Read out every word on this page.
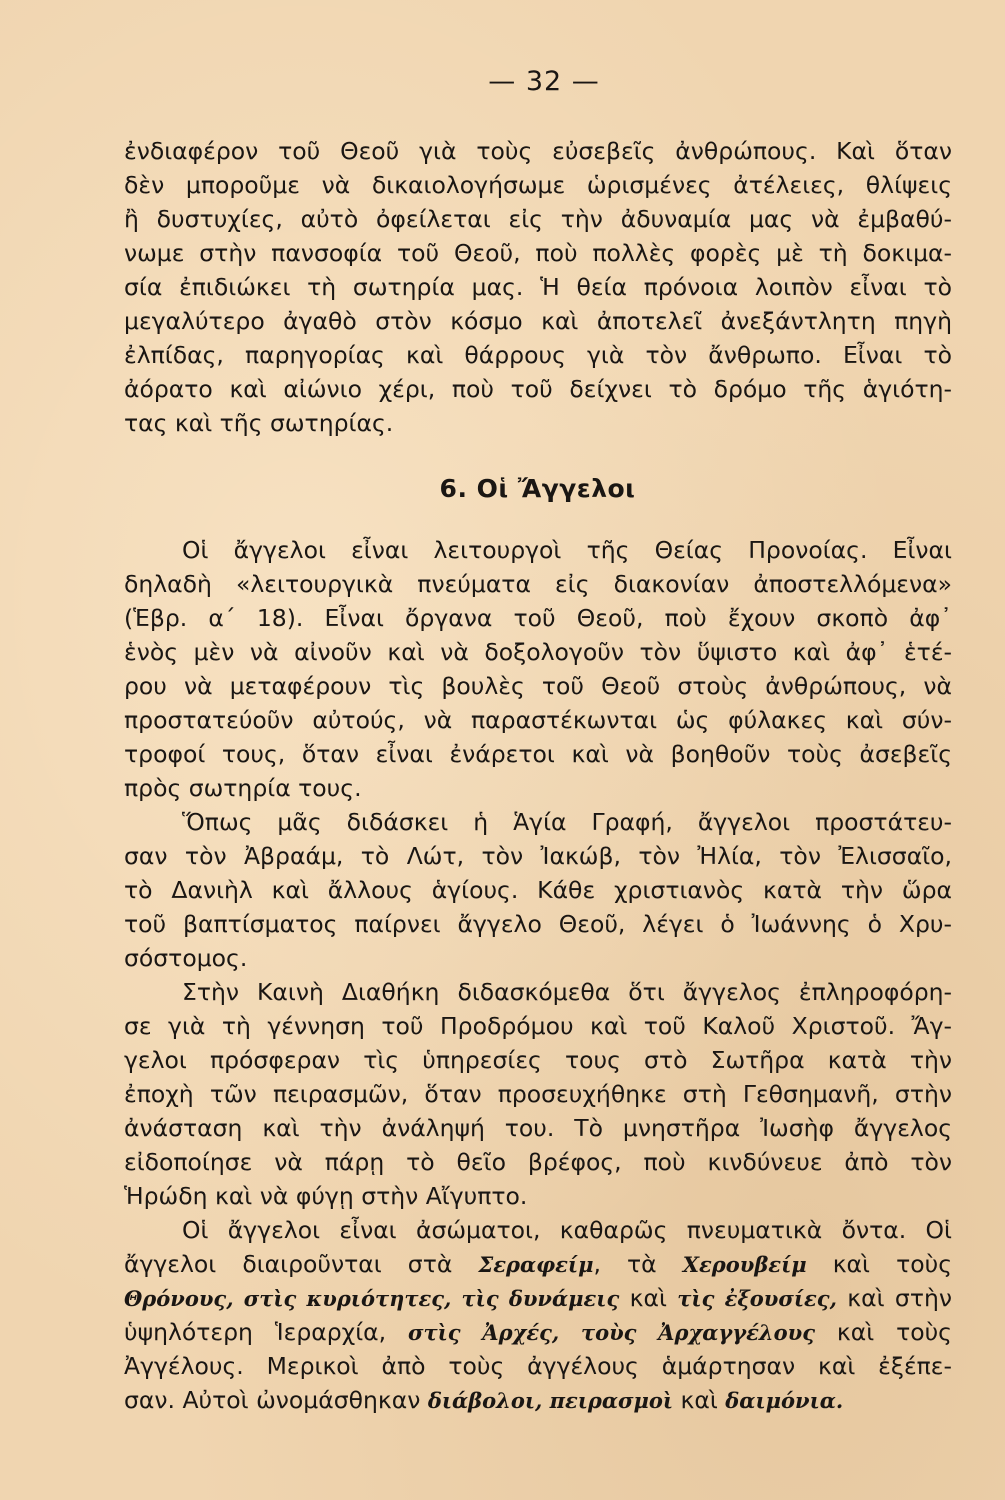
— 32 —
ἐνδιαφέρον τοῦ Θεοῦ γιὰ τοὺς εὐσεβεῖς ἀνθρώπους. Καὶ ὅταν
δὲν μποροῦμε νὰ δικαιολογήσωμε ὡρισμένες ἀτέλειες, θλίψεις
ἢ δυστυχίες, αὐτὸ ὀφείλεται εἰς τὴν ἀδυναμία μας νὰ ἐμβαθύ-
νωμε στὴν πανσοφία τοῦ Θεοῦ, ποὺ πολλὲς φορὲς μὲ τὴ δοκιμα-
σία ἐπιδιώκει τὴ σωτηρία μας. Ἡ θεία πρόνοια λοιπὸν εἶναι τὸ
μεγαλύτερο ἀγαθὸ στὸν κόσμο καὶ ἀποτελεῖ ἀνεξάντλητη πηγὴ
ἐλπίδας, παρηγορίας καὶ θάρρους γιὰ τὸν ἄνθρωπο. Εἶναι τὸ
ἀόρατο καὶ αἰώνιο χέρι, ποὺ τοῦ δείχνει τὸ δρόμο τῆς ἁγιότη-
τας καὶ τῆς σωτηρίας.
6. Οἱ Ἄγγελοι
Οἱ ἄγγελοι εἶναι λειτουργοὶ τῆς Θείας Προνοίας. Εἶναι
δηλαδὴ «λειτουργικὰ πνεύματα εἰς διακονίαν ἀποστελλόμενα»
(Ἑβρ. α´ 18). Εἶναι ὄργανα τοῦ Θεοῦ, ποὺ ἔχουν σκοπὸ ἀφ᾽
ἑνὸς μὲν νὰ αἰνοῦν καὶ νὰ δοξολογοῦν τὸν ὕψιστο καὶ ἀφ᾽ ἑτέ-
ρου νὰ μεταφέρουν τὶς βουλὲς τοῦ Θεοῦ στοὺς ἀνθρώπους, νὰ
προστατεύοῦν αὐτούς, νὰ παραστέκωνται ὡς φύλακες καὶ σύν-
τροφοί τους, ὅταν εἶναι ἐνάρετοι καὶ νὰ βοηθοῦν τοὺς ἀσεβεῖς
πρὸς σωτηρία τους.
Ὅπως μᾶς διδάσκει ἡ Ἁγία Γραφή, ἄγγελοι προστάτευ-
σαν τὸν Ἀβραάμ, τὸ Λώτ, τὸν Ἰακώβ, τὸν Ἠλία, τὸν Ἐλισσαῖο,
τὸ Δανιὴλ καὶ ἄλλους ἁγίους. Κάθε χριστιανὸς κατὰ τὴν ὥρα
τοῦ βαπτίσματος παίρνει ἄγγελο Θεοῦ, λέγει ὁ Ἰωάννης ὁ Χρυ-
σόστομος.
Στὴν Καινὴ Διαθήκη διδασκόμεθα ὅτι ἄγγελος ἐπληροφόρη-
σε γιὰ τὴ γέννηση τοῦ Προδρόμου καὶ τοῦ Καλοῦ Χριστοῦ. Ἄγ-
γελοι πρόσφεραν τὶς ὑπηρεσίες τους στὸ Σωτῆρα κατὰ τὴν
ἐποχὴ τῶν πειρασμῶν, ὅταν προσευχήθηκε στὴ Γεθσημανῆ, στὴν
ἀνάσταση καὶ τὴν ἀνάληψή του. Τὸ μνηστῆρα Ἰωσὴφ ἄγγελος
εἰδοποίησε νὰ πάρῃ τὸ θεῖο βρέφος, ποὺ κινδύνευε ἀπὸ τὸν
Ἡρώδη καὶ νὰ φύγῃ στὴν Αἴγυπτο.
Οἱ ἄγγελοι εἶναι ἀσώματοι, καθαρῶς πνευματικὰ ὄντα. Οἱ
ἄγγελοι διαιροῦνται στὰ Σεραφείμ, τὰ Χερουβείμ καὶ τοὺς
Θρόνους, στὶς κυριότητες, τὶς δυνάμεις καὶ τὶς ἐξουσίες, καὶ στὴν
ὑψηλότερη Ἱεραρχία, στὶς Ἀρχές, τοὺς Ἀρχαγγέλους καὶ τοὺς
Ἀγγέλους. Μερικοὶ ἀπὸ τοὺς ἀγγέλους ἁμάρτησαν καὶ ἐξέπε-
σαν. Αὐτοὶ ὠνομάσθηκαν διάβολοι, πειρασμοὶ καὶ δαιμόνια.
